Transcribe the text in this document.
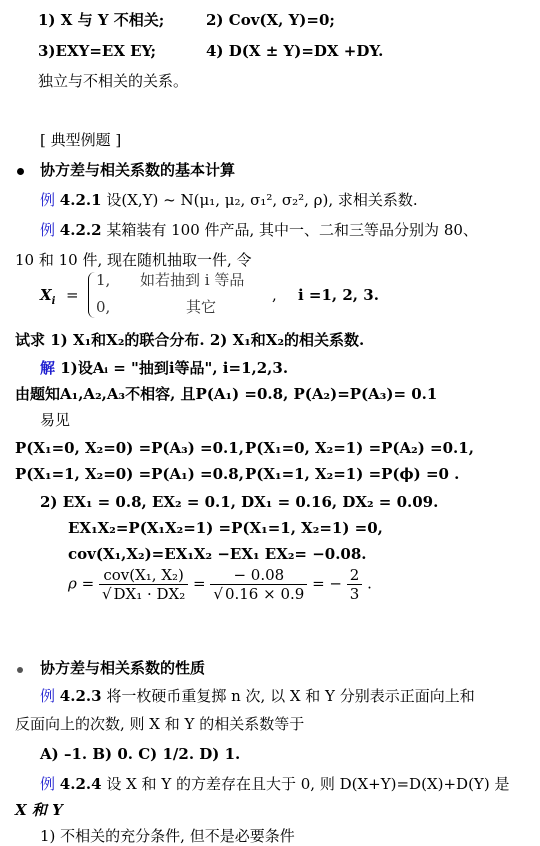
1) X 与 Y 不相关;	2) Cov(X, Y)=0;
3)EXY=EX EY;	4) D(X ± Y)=DX +DY.
独立与不相关的关系。
[ 典型例题 ]
协方差与相关系数的基本计算
例 4.2.1 设(X,Y) ~ N(μ₁, μ₂, σ₁², σ₂², ρ), 求相关系数.
例 4.2.2 某箱装有 100 件产品, 其中一、二和三等品分别为 80、
10 和 10 件, 现在随机抽取一件, 令
$X_i$ =
1, 如若抽到 i 等品
0,	其它
, i =1, 2, 3.
试求 1) X₁和X₂的联合分布. 2) X₁和X₂的相关系数.
解 1)设Aᵢ = "抽到i等品", i=1,2,3.
由题知A₁,A₂,A₃不相容, 且P(A₁) =0.8, P(A₂)=P(A₃)= 0.1
易见
P(X₁=0, X₂=0) =P(A₃) =0.1, P(X₁=0, X₂=1) =P(A₂) =0.1,
P(X₁=1, X₂=0) =P(A₁) =0.8, P(X₁=1, X₂=1) =P(ϕ) =0 .
2) EX₁ = 0.8, EX₂ = 0.1, DX₁ = 0.16, DX₂ = 0.09.
EX₁X₂=P(X₁X₂=1) =P(X₁=1, X₂=1) =0,
cov(X₁,X₂)=EX₁X₂ −EX₁ EX₂= −0.08.
$\rho = \frac{\text{cov(X₁, X₂)}}{\text{√ DX₁ · DX₂}} = \frac{- 0.08}{√ 0.16 \times 0.9}$ = − $\frac{2}{3}$ .
协方差与相关系数的性质
例 4.2.3 将一枚硬币重复掷 n 次, 以 X 和 Y 分别表示正面向上和
反面向上的次数, 则 X 和 Y 的相关系数等于
A) –1. B) 0. C) 1/2. D) 1.
例 4.2.4 设 X 和 Y 的方差存在且大于 0, 则 D(X+Y)=D(X)+D(Y) 是
X 和 Y
1) 不相关的充分条件, 但不是必要条件
